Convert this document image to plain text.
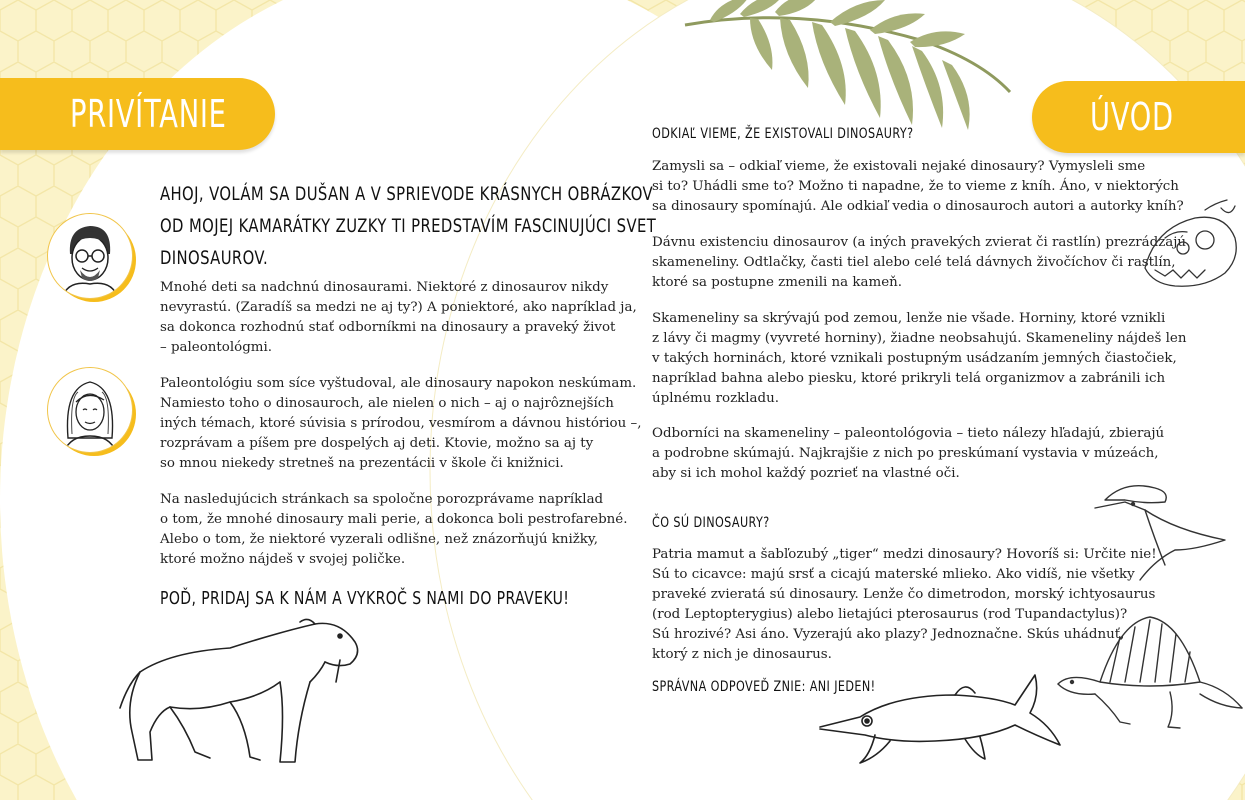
PRIVÍTANIE	ÚVOD
AHOJ, VOLÁM SA DUŠAN A V SPRIEVODE KRÁSNYCH OBRÁZKOV
OD MOJEJ KAMARÁTKY ZUZKY TI PREDSTAVÍM FASCINUJÚCI SVET
DINOSAUROV.
Mnohé deti sa nadchnú dinosaurami. Niektoré z dinosaurov nikdy
nevyrastú. (Zaradíš sa medzi ne aj ty?) A poniektoré, ako napríklad ja,
sa dokonca rozhodnú stať odborníkmi na dinosaury a praveký život
– paleontológmi.
Paleontológiu som síce vyštudoval, ale dinosaury napokon neskúmam.
Namiesto toho o dinosauroch, ale nielen o nich – aj o najrôznejších
iných témach, ktoré súvisia s prírodou, vesmírom a dávnou históriou –,
rozprávam a píšem pre dospelých aj deti. Ktovie, možno sa aj ty
so mnou niekedy stretneš na prezentácii v škole či knižnici.
Na nasledujúcich stránkach sa spoločne porozprávame napríklad
o tom, že mnohé dinosaury mali perie, a dokonca boli pestrofarebné.
Alebo o tom, že niektoré vyzerali odlišne, než znázorňujú knižky,
ktoré možno nájdeš v svojej poličke.
POĎ, PRIDAJ SA K NÁM A VYKROČ S NAMI DO PRAVEKU!
ODKIAĽ VIEME, ŽE EXISTOVALI DINOSAURY?
Zamysli sa – odkiaľ vieme, že existovali nejaké dinosaury? Vymysleli sme
si to? Uhádli sme to? Možno ti napadne, že to vieme z kníh. Áno, v niektorých
sa dinosaury spomínajú. Ale odkiaľ vedia o dinosauroch autori a autorky kníh?
Dávnu existenciu dinosaurov (a iných pravekých zvierat či rastlín) prezrádzajú
skameneliny. Odtlačky, časti tiel alebo celé telá dávnych živočíchov či rastlín,
ktoré sa postupne zmenili na kameň.
Skameneliny sa skrývajú pod zemou, lenže nie všade. Horniny, ktoré vznikli
z lávy či magmy (vyvreté horniny), žiadne neobsahujú. Skameneliny nájdeš len
v takých horninách, ktoré vznikali postupným usádzaním jemných čiastočiek,
napríklad bahna alebo piesku, ktoré prikryli telá organizmov a zabránili ich
úplnému rozkladu.
Odborníci na skameneliny – paleontológovia – tieto nálezy hľadajú, zbierajú
a podrobne skúmajú. Najkrajšie z nich po preskúmaní vystavia v múzeách,
aby si ich mohol každý pozrieť na vlastné oči.
ČO SÚ DINOSAURY?
Patria mamut a šabľozubý „tiger“ medzi dinosaury? Hovoríš si: Určite nie!
Sú to cicavce: majú srsť a cicajú materské mlieko. Ako vidíš, nie všetky
praveké zvieratá sú dinosaury. Lenže čo dimetrodon, morský ichtyosaurus
(rod Leptopterygius) alebo lietajúci pterosaurus (rod Tupandactylus)?
Sú hrozivé? Asi áno. Vyzerajú ako plazy? Jednoznačne. Skús uhádnuť,
ktorý z nich je dinosaurus.
SPRÁVNA ODPOVEĎ ZNIE: ANI JEDEN!
